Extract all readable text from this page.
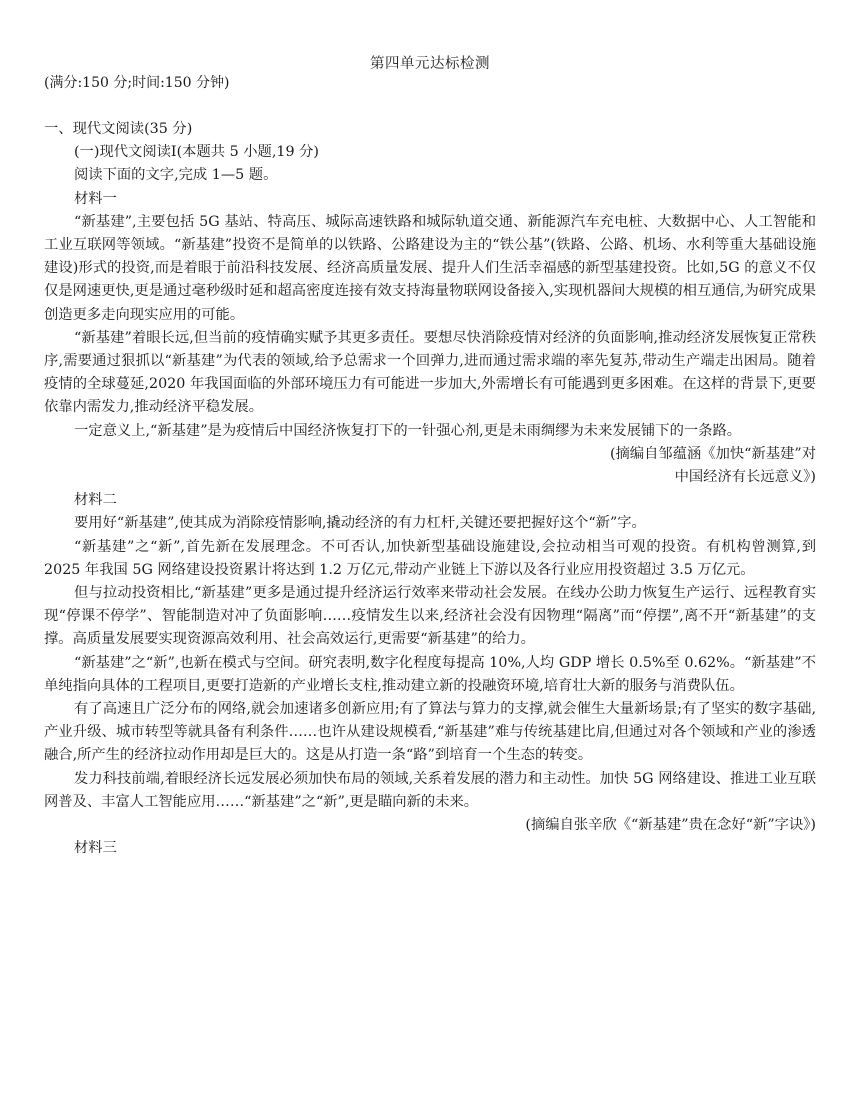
第四单元达标检测
(满分:150 分;时间:150 分钟)

一、现代文阅读(35 分)

(一)现代文阅读Ⅰ(本题共 5 小题,19 分)

阅读下面的文字,完成 1—5 题。

材料一

“新基建”,主要包括 5G 基站、特高压、城际高速铁路和城际轨道交通、新能源汽车充电桩、大数据中心、人工智能和工业互联网等领域。“新基建”投资不是简单的以铁路、公路建设为主的“铁公基”(铁路、公路、机场、水利等重大基础设施建设)形式的投资,而是着眼于前沿科技发展、经济高质量发展、提升人们生活幸福感的新型基建投资。比如,5G 的意义不仅仅是网速更快,更是通过毫秒级时延和超高密度连接有效支持海量物联网设备接入,实现机器间大规模的相互通信,为研究成果创造更多走向现实应用的可能。

“新基建”着眼长远,但当前的疫情确实赋予其更多责任。要想尽快消除疫情对经济的负面影响,推动经济发展恢复正常秩序,需要通过狠抓以“新基建”为代表的领域,给予总需求一个回弹力,进而通过需求端的率先复苏,带动生产端走出困局。随着疫情的全球蔓延,2020 年我国面临的外部环境压力有可能进一步加大,外需增长有可能遇到更多困难。在这样的背景下,更要依靠内需发力,推动经济平稳发展。

一定意义上,“新基建”是为疫情后中国经济恢复打下的一针强心剂,更是未雨绸缪为未来发展铺下的一条路。

(摘编自邹蕴涵《加快“新基建”对

中国经济有长远意义》)

材料二

要用好“新基建”,使其成为消除疫情影响,撬动经济的有力杠杆,关键还要把握好这个“新”字。

“新基建”之“新”,首先新在发展理念。不可否认,加快新型基础设施建设,会拉动相当可观的投资。有机构曾测算,到 2025 年我国 5G 网络建设投资累计将达到 1.2 万亿元,带动产业链上下游以及各行业应用投资超过 3.5 万亿元。

但与拉动投资相比,“新基建”更多是通过提升经济运行效率来带动社会发展。在线办公助力恢复生产运行、远程教育实现“停课不停学”、智能制造对冲了负面影响……疫情发生以来,经济社会没有因物理“隔离”而“停摆”,离不开“新基建”的支撑。高质量发展要实现资源高效利用、社会高效运行,更需要“新基建”的给力。

“新基建”之“新”,也新在模式与空间。研究表明,数字化程度每提高 10%,人均 GDP 增长 0.5%至 0.62%。“新基建”不单纯指向具体的工程项目,更要打造新的产业增长支柱,推动建立新的投融资环境,培育壮大新的服务与消费队伍。

有了高速且广泛分布的网络,就会加速诸多创新应用;有了算法与算力的支撑,就会催生大量新场景;有了坚实的数字基础,产业升级、城市转型等就具备有利条件……也许从建设规模看,“新基建”难与传统基建比肩,但通过对各个领域和产业的渗透融合,所产生的经济拉动作用却是巨大的。这是从打造一条“路”到培育一个生态的转变。

发力科技前端,着眼经济长远发展必须加快布局的领域,关系着发展的潜力和主动性。加快 5G 网络建设、推进工业互联网普及、丰富人工智能应用……“新基建”之“新”,更是瞄向新的未来。

(摘编自张辛欣《“新基建”贵在念好“新”字诀》)

材料三
